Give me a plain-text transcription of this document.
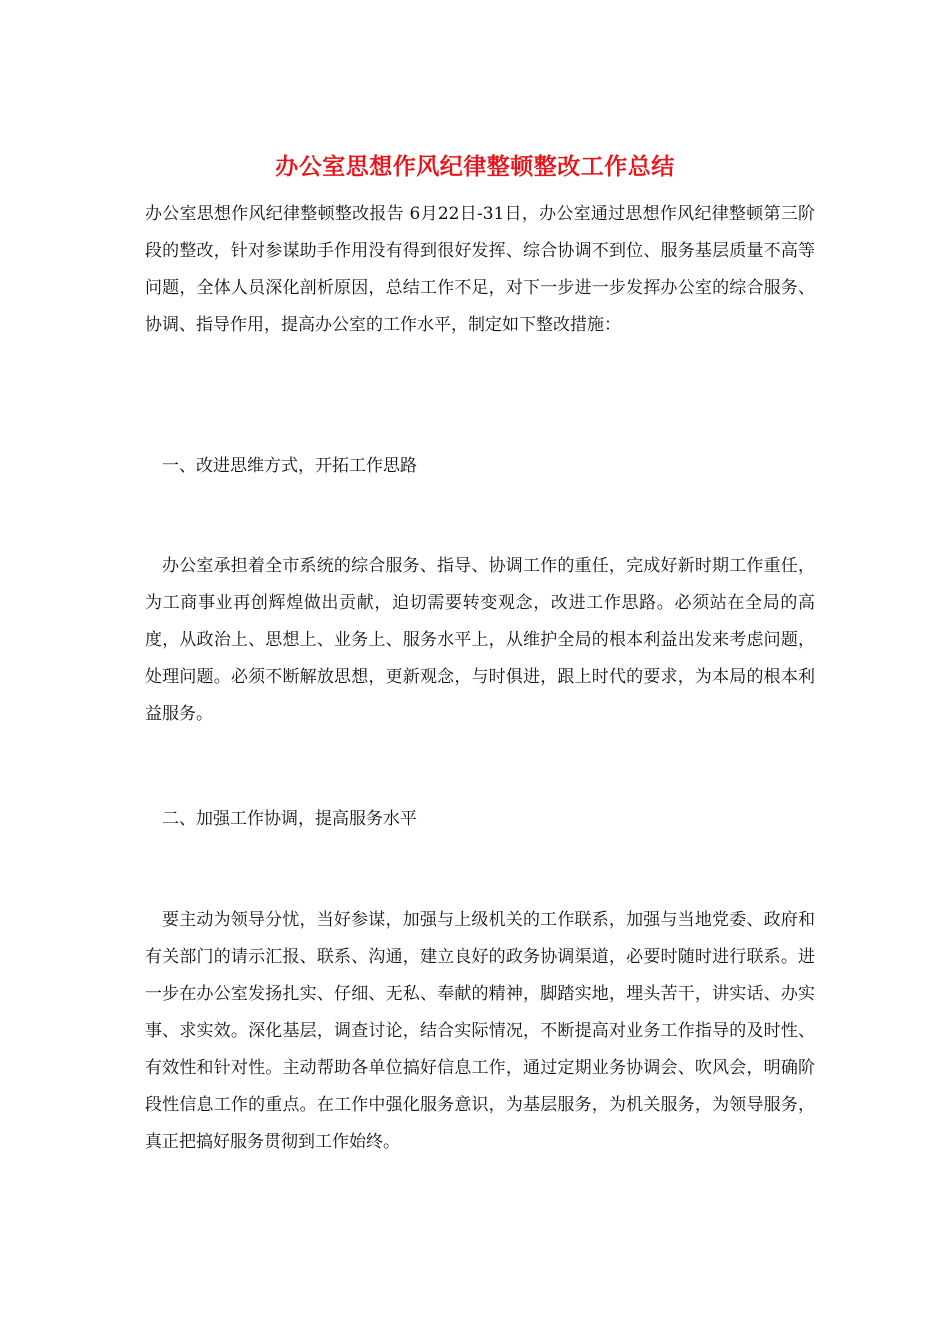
办公室思想作风纪律整顿整改工作总结

办公室思想作风纪律整顿整改报告 6月22日-31日，办公室通过思想作风纪律整顿第三阶段的整改，针对参谋助手作用没有得到很好发挥、综合协调不到位、服务基层质量不高等问题，全体人员深化剖析原因，总结工作不足，对下一步进一步发挥办公室的综合服务、协调、指导作用，提高办公室的工作水平，制定如下整改措施：

一、改进思维方式，开拓工作思路

办公室承担着全市系统的综合服务、指导、协调工作的重任，完成好新时期工作重任，为工商事业再创辉煌做出贡献，迫切需要转变观念，改进工作思路。必须站在全局的高度，从政治上、思想上、业务上、服务水平上，从维护全局的根本利益出发来考虑问题，处理问题。必须不断解放思想，更新观念，与时俱进，跟上时代的要求，为本局的根本利益服务。

二、加强工作协调，提高服务水平

要主动为领导分忧，当好参谋，加强与上级机关的工作联系，加强与当地党委、政府和有关部门的请示汇报、联系、沟通，建立良好的政务协调渠道，必要时随时进行联系。进一步在办公室发扬扎实、仔细、无私、奉献的精神，脚踏实地，埋头苦干，讲实话、办实事、求实效。深化基层，调查讨论，结合实际情况，不断提高对业务工作指导的及时性、有效性和针对性。主动帮助各单位搞好信息工作，通过定期业务协调会、吹风会，明确阶段性信息工作的重点。在工作中强化服务意识，为基层服务，为机关服务，为领导服务，真正把搞好服务贯彻到工作始终。
